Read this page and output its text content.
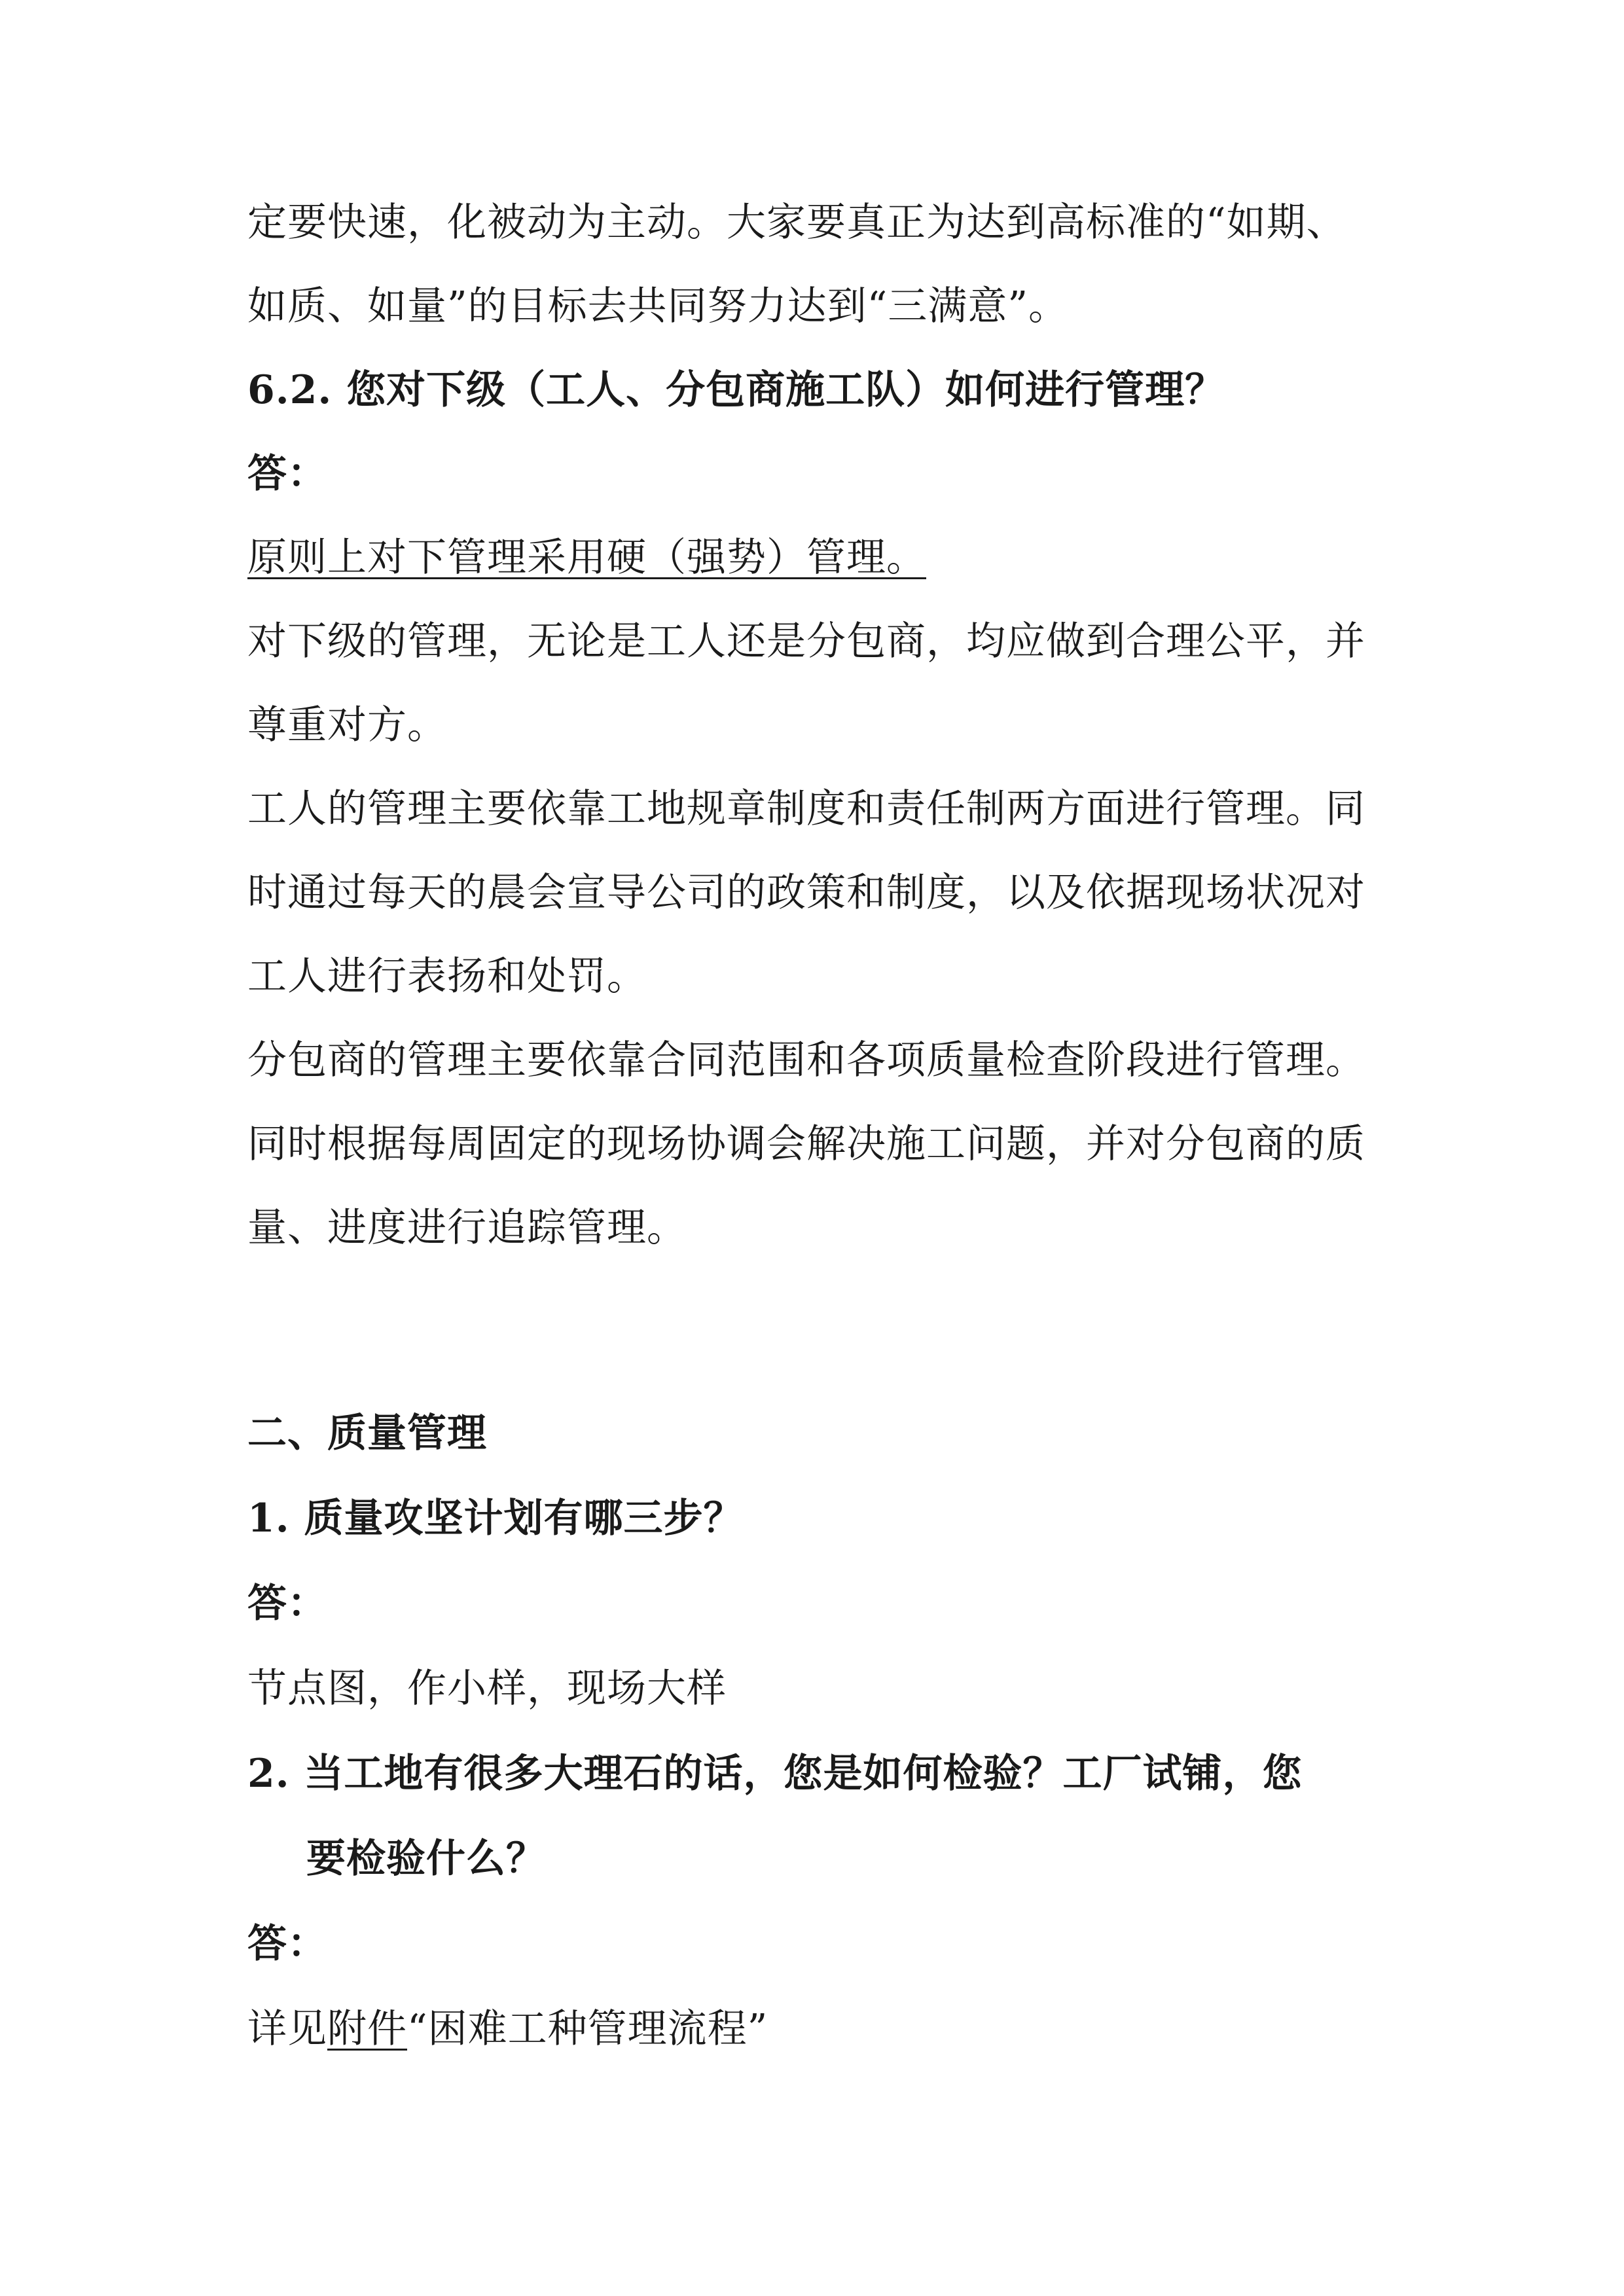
定要快速，化被动为主动。大家要真正为达到高标准的“如期、
如质、如量”的目标去共同努力达到“三满意”。
6.2. 您对下级（工人、分包商施工队）如何进行管理？
答：
原则上对下管理采用硬（强势）管理。
对下级的管理，无论是工人还是分包商，均应做到合理公平，并
尊重对方。
工人的管理主要依靠工地规章制度和责任制两方面进行管理。同
时通过每天的晨会宣导公司的政策和制度，以及依据现场状况对
工人进行表扬和处罚。
分包商的管理主要依靠合同范围和各项质量检查阶段进行管理。
同时根据每周固定的现场协调会解决施工问题，并对分包商的质
量、进度进行追踪管理。
二、质量管理
1. 质量攻坚计划有哪三步？
答：
节点图，作小样，现场大样
2. 当工地有很多大理石的话，您是如何检验？工厂试铺，您
要检验什么？
答：
详见附件“困难工种管理流程”
